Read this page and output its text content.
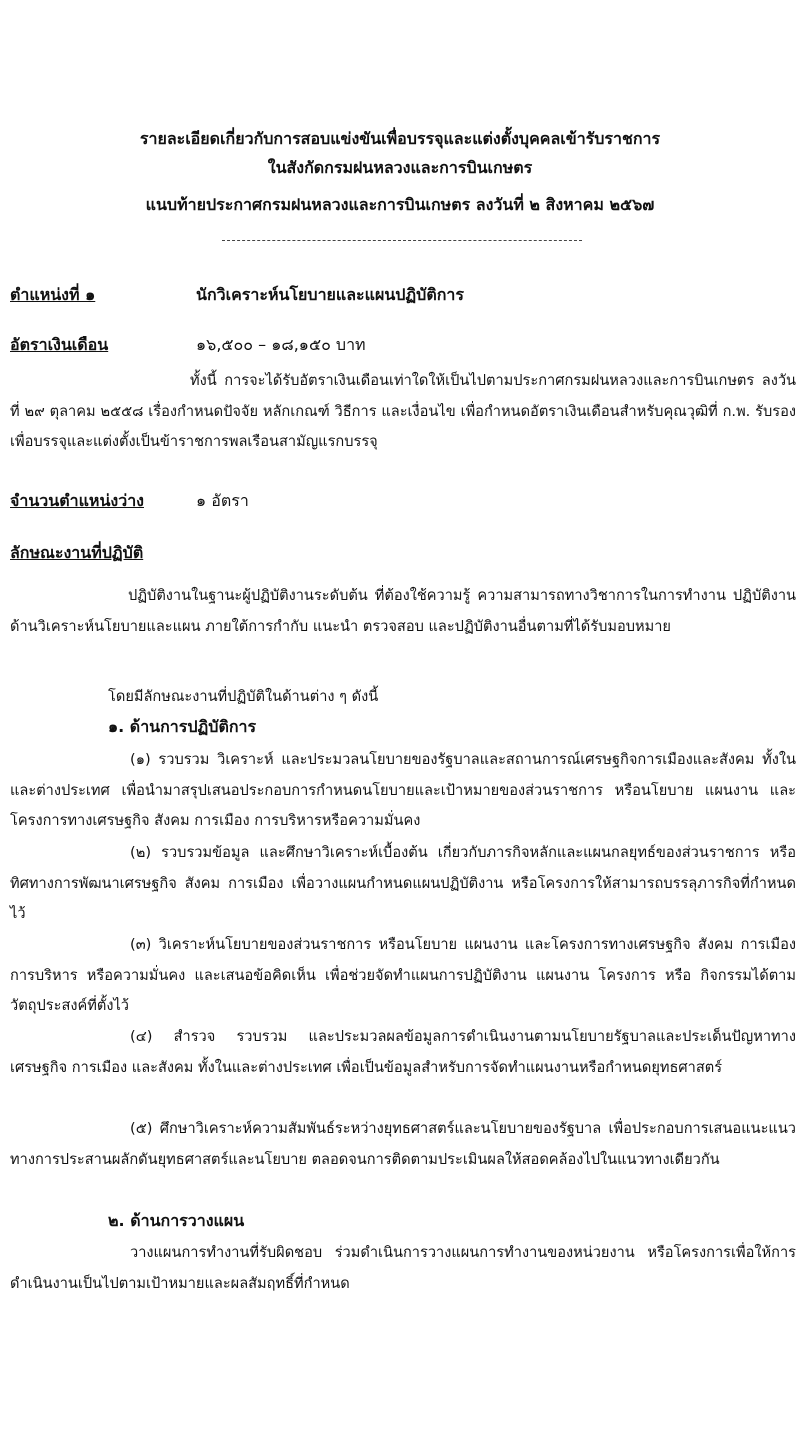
รายละเอียดเกี่ยวกับการสอบแข่งขันเพื่อบรรจุและแต่งตั้งบุคคลเข้ารับราชการ
ในสังกัดกรมฝนหลวงและการบินเกษตร
แนบท้ายประกาศกรมฝนหลวงและการบินเกษตร ลงวันที่ ๒ สิงหาคม ๒๕๖๗
ตำแหน่งที่ ๑	นักวิเคราะห์นโยบายและแผนปฏิบัติการ
อัตราเงินเดือน	๑๖,๕๐๐ – ๑๘,๑๕๐ บาท
ทั้งนี้ การจะได้รับอัตราเงินเดือนเท่าใดให้เป็นไปตามประกาศกรมฝนหลวงและการบินเกษตร ลงวันที่ ๒๙ ตุลาคม ๒๕๕๘ เรื่องกำหนดปัจจัย หลักเกณฑ์ วิธีการ และเงื่อนไข เพื่อกำหนดอัตราเงินเดือนสำหรับคุณวุฒิที่ ก.พ. รับรอง เพื่อบรรจุและแต่งตั้งเป็นข้าราชการพลเรือนสามัญแรกบรรจุ
จำนวนตำแหน่งว่าง	๑ อัตรา
ลักษณะงานที่ปฏิบัติ
ปฏิบัติงานในฐานะผู้ปฏิบัติงานระดับต้น ที่ต้องใช้ความรู้ ความสามารถทางวิชาการในการทำงาน ปฏิบัติงานด้านวิเคราะห์นโยบายและแผน ภายใต้การกำกับ แนะนำ ตรวจสอบ และปฏิบัติงานอื่นตามที่ได้รับมอบหมาย
โดยมีลักษณะงานที่ปฏิบัติในด้านต่าง ๆ ดังนี้
๑. ด้านการปฏิบัติการ
(๑) รวบรวม วิเคราะห์ และประมวลนโยบายของรัฐบาลและสถานการณ์เศรษฐกิจการเมืองและสังคม ทั้งในและต่างประเทศ เพื่อนำมาสรุปเสนอประกอบการกำหนดนโยบายและเป้าหมายของส่วนราชการ หรือนโยบาย แผนงาน และโครงการทางเศรษฐกิจ สังคม การเมือง การบริหารหรือความมั่นคง
(๒) รวบรวมข้อมูล และศึกษาวิเคราะห์เบื้องต้น เกี่ยวกับภารกิจหลักและแผนกลยุทธ์ของส่วนราชการ หรือทิศทางการพัฒนาเศรษฐกิจ สังคม การเมือง เพื่อวางแผนกำหนดแผนปฏิบัติงาน หรือโครงการให้สามารถบรรลุภารกิจที่กำหนดไว้
(๓) วิเคราะห์นโยบายของส่วนราชการ หรือนโยบาย แผนงาน และโครงการทางเศรษฐกิจ สังคม การเมือง การบริหาร หรือความมั่นคง และเสนอข้อคิดเห็น เพื่อช่วยจัดทำแผนการปฏิบัติงาน แผนงาน โครงการ หรือ กิจกรรมได้ตามวัตถุประสงค์ที่ตั้งไว้
(๔) สำรวจ รวบรวม และประมวลผลข้อมูลการดำเนินงานตามนโยบายรัฐบาลและประเด็นปัญหาทางเศรษฐกิจ การเมือง และสังคม ทั้งในและต่างประเทศ เพื่อเป็นข้อมูลสำหรับการจัดทำแผนงานหรือกำหนดยุทธศาสตร์
(๕) ศึกษาวิเคราะห์ความสัมพันธ์ระหว่างยุทธศาสตร์และนโยบายของรัฐบาล เพื่อประกอบการเสนอแนะแนวทางการประสานผลักดันยุทธศาสตร์และนโยบาย ตลอดจนการติดตามประเมินผลให้สอดคล้องไปในแนวทางเดียวกัน
๒. ด้านการวางแผน
วางแผนการทำงานที่รับผิดชอบ ร่วมดำเนินการวางแผนการทำงานของหน่วยงาน หรือโครงการเพื่อให้การดำเนินงานเป็นไปตามเป้าหมายและผลสัมฤทธิ์ที่กำหนด
